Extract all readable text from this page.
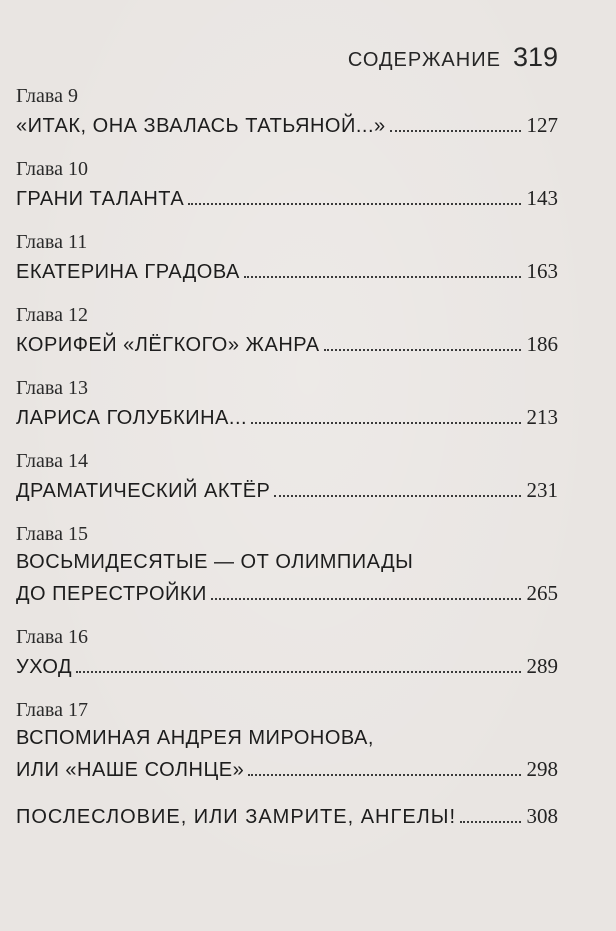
СОДЕРЖАНИЕ 319
Глава 9
«ИТАК, ОНА ЗВАЛАСЬ ТАТЬЯНОЙ...»	127
Глава 10
ГРАНИ ТАЛАНТА	143
Глава 11
ЕКАТЕРИНА ГРАДОВА	163
Глава 12
КОРИФЕЙ «ЛЁГКОГО» ЖАНРА	186
Глава 13
ЛАРИСА ГОЛУБКИНА...	213
Глава 14
ДРАМАТИЧЕСКИЙ АКТЁР	231
Глава 15
ВОСЬМИДЕСЯТЫЕ — ОТ ОЛИМПИАДЫ
ДО ПЕРЕСТРОЙКИ	265
Глава 16
УХОД	289
Глава 17
ВСПОМИНАЯ АНДРЕЯ МИРОНОВА,
ИЛИ «НАШЕ СОЛНЦЕ»	298
ПОСЛЕСЛОВИЕ, ИЛИ ЗАМРИТЕ, АНГЕЛЫ!	308
